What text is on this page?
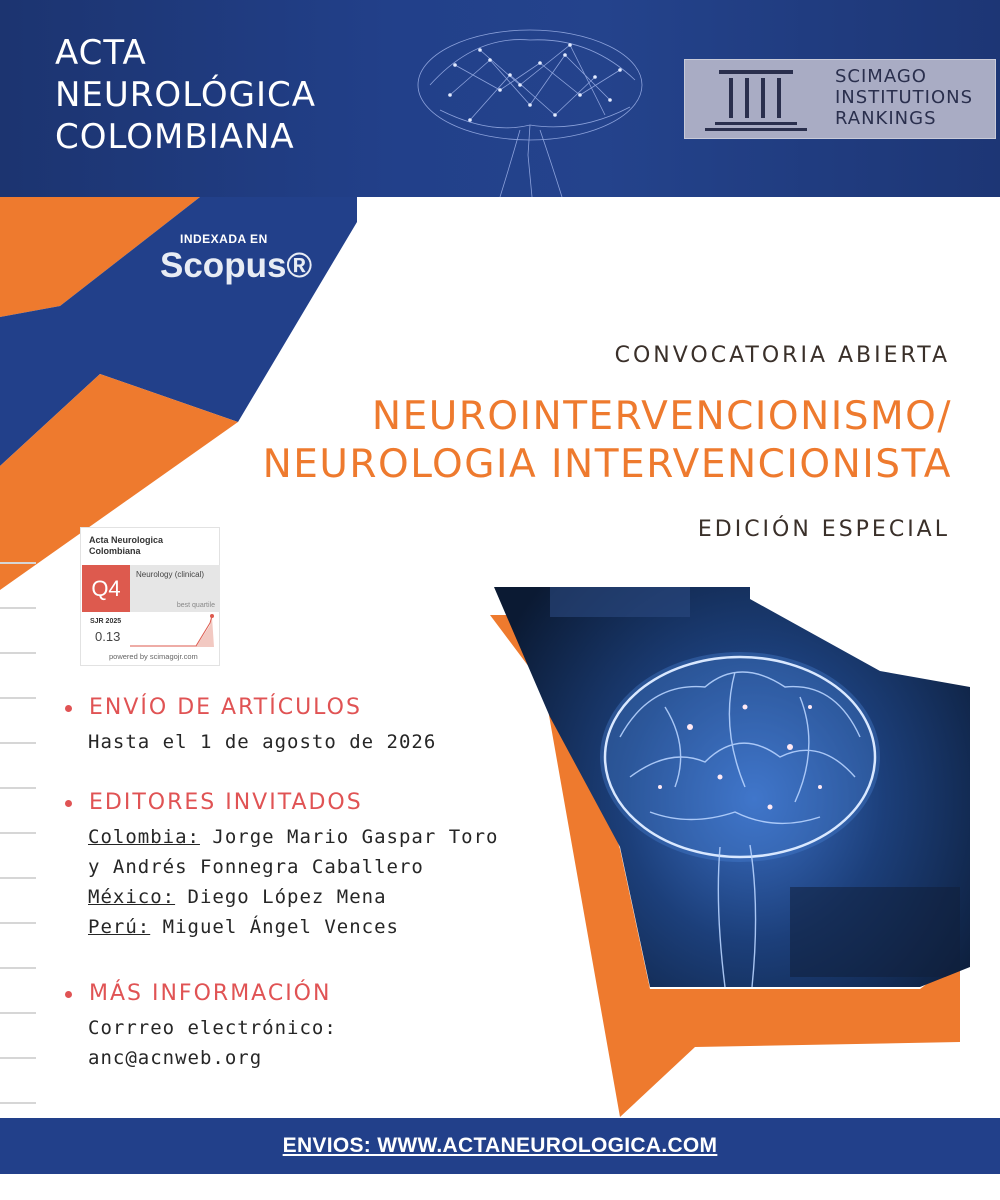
ACTA
NEUROLÓGICA
COLOMBIANA
SCIMAGO
INSTITUTIONS
RANKINGS
INDEXADA EN
Scopus®
CONVOCATORIA ABIERTA
NEUROINTERVENCIONISMO/
NEUROLOGIA INTERVENCIONISTA
EDICIÓN ESPECIAL
Acta Neurologica Colombiana
Q4
Neurology (clinical)
best quartile
SJR 2025
0.13
powered by scimagojr.com
ENVÍO DE ARTÍCULOS
Hasta el 1 de agosto de 2026
EDITORES INVITADOS
Colombia: Jorge Mario Gaspar Toro
y Andrés Fonnegra Caballero
México: Diego López Mena
Perú: Miguel Ángel Vences
MÁS INFORMACIÓN
Corrreo electrónico:
anc@acnweb.org
ENVIOS: WWW.ACTANEUROLOGICA.COM
